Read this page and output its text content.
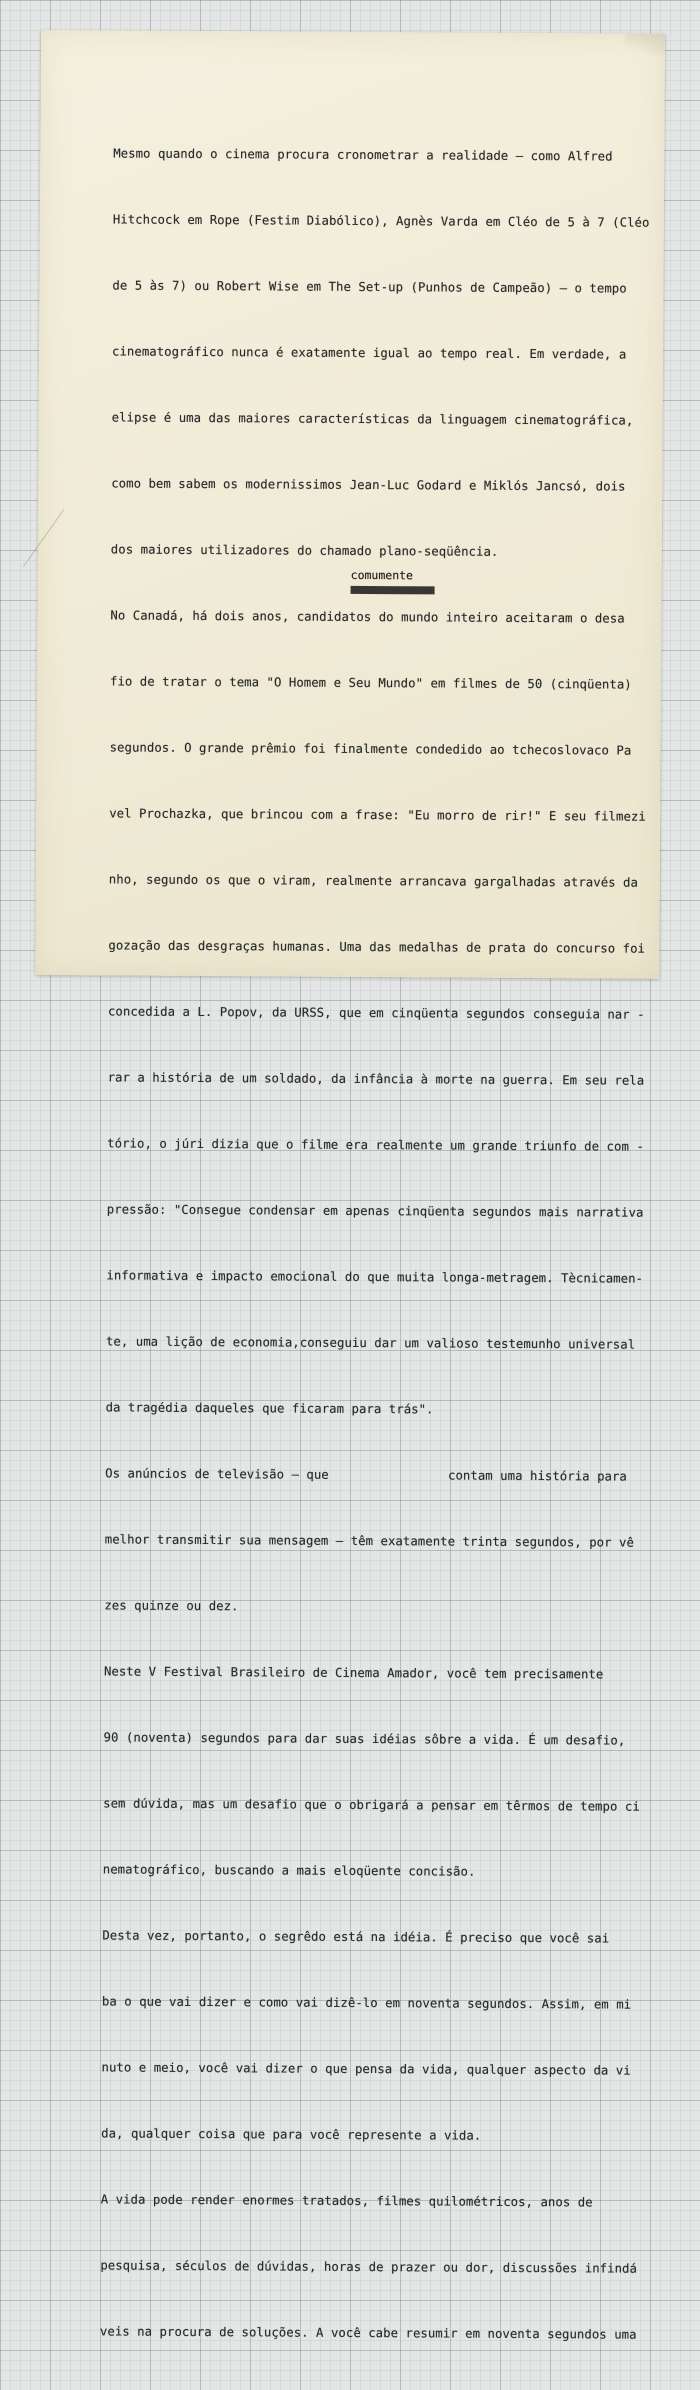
Mesmo quando o cinema procura cronometrar a realidade — como Alfred

Hitchcock em Rope (Festim Diabólico), Agnès Varda em Cléo de 5 à 7 (Cléo

de 5 às 7) ou Robert Wise em The Set-up (Punhos de Campeão) — o tempo

cinematográfico nunca é exatamente igual ao tempo real. Em verdade, a

elipse é uma das maiores características da linguagem cinematográfica,

como bem sabem os modernissimos Jean-Luc Godard e Miklós Jancsó, dois

dos maiores utilizadores do chamado plano-seqüência.

No Canadá, há dois anos, candidatos do mundo inteiro aceitaram o desa

fio de tratar o tema "O Homem e Seu Mundo" em filmes de 50 (cinqüenta)

segundos. O grande prêmio foi finalmente condedido ao tchecoslovaco Pa

vel Prochazka, que brincou com a frase: "Eu morro de rir!" E seu filmezi

nho, segundo os que o viram, realmente arrancava gargalhadas através da

gozação das desgraças humanas. Uma das medalhas de prata do concurso foi

concedida a L. Popov, da URSS, que em cinqüenta segundos conseguia nar -

rar a história de um soldado, da infância à morte na guerra. Em seu rela

tório, o júri dizia que o filme era realmente um grande triunfo de com -

pressão: "Consegue condensar em apenas cinqüenta segundos mais narrativa

informativa e impacto emocional do que muita longa-metragem. Tècnicamen-

te, uma lição de economia,conseguiu dar um valioso testemunho universal

da tragédia daqueles que ficaram para trás".

Os anúncios de televisão — que                contam uma história para

melhor transmitir sua mensagem — têm exatamente trinta segundos, por vê

zes quinze ou dez.

Neste V Festival Brasileiro de Cinema Amador, você tem precisamente

90 (noventa) segundos para dar suas idéias sôbre a vida. É um desafio,

sem dúvida, mas um desafio que o obrigará a pensar em têrmos de tempo ci

nematográfico, buscando a mais eloqüente concisão.

Desta vez, portanto, o segrêdo está na idéia. É preciso que você sai

ba o que vai dizer e como vai dizê-lo em noventa segundos. Assim, em mi

nuto e meio, você vai dizer o que pensa da vida, qualquer aspecto da vi

da, qualquer coisa que para você represente a vida.

A vida pode render enormes tratados, filmes quilométricos, anos de

pesquisa, séculos de dúvidas, horas de prazer ou dor, discussões infindá

veis na procura de soluções. A você cabe resumir em noventa segundos uma

comumente
